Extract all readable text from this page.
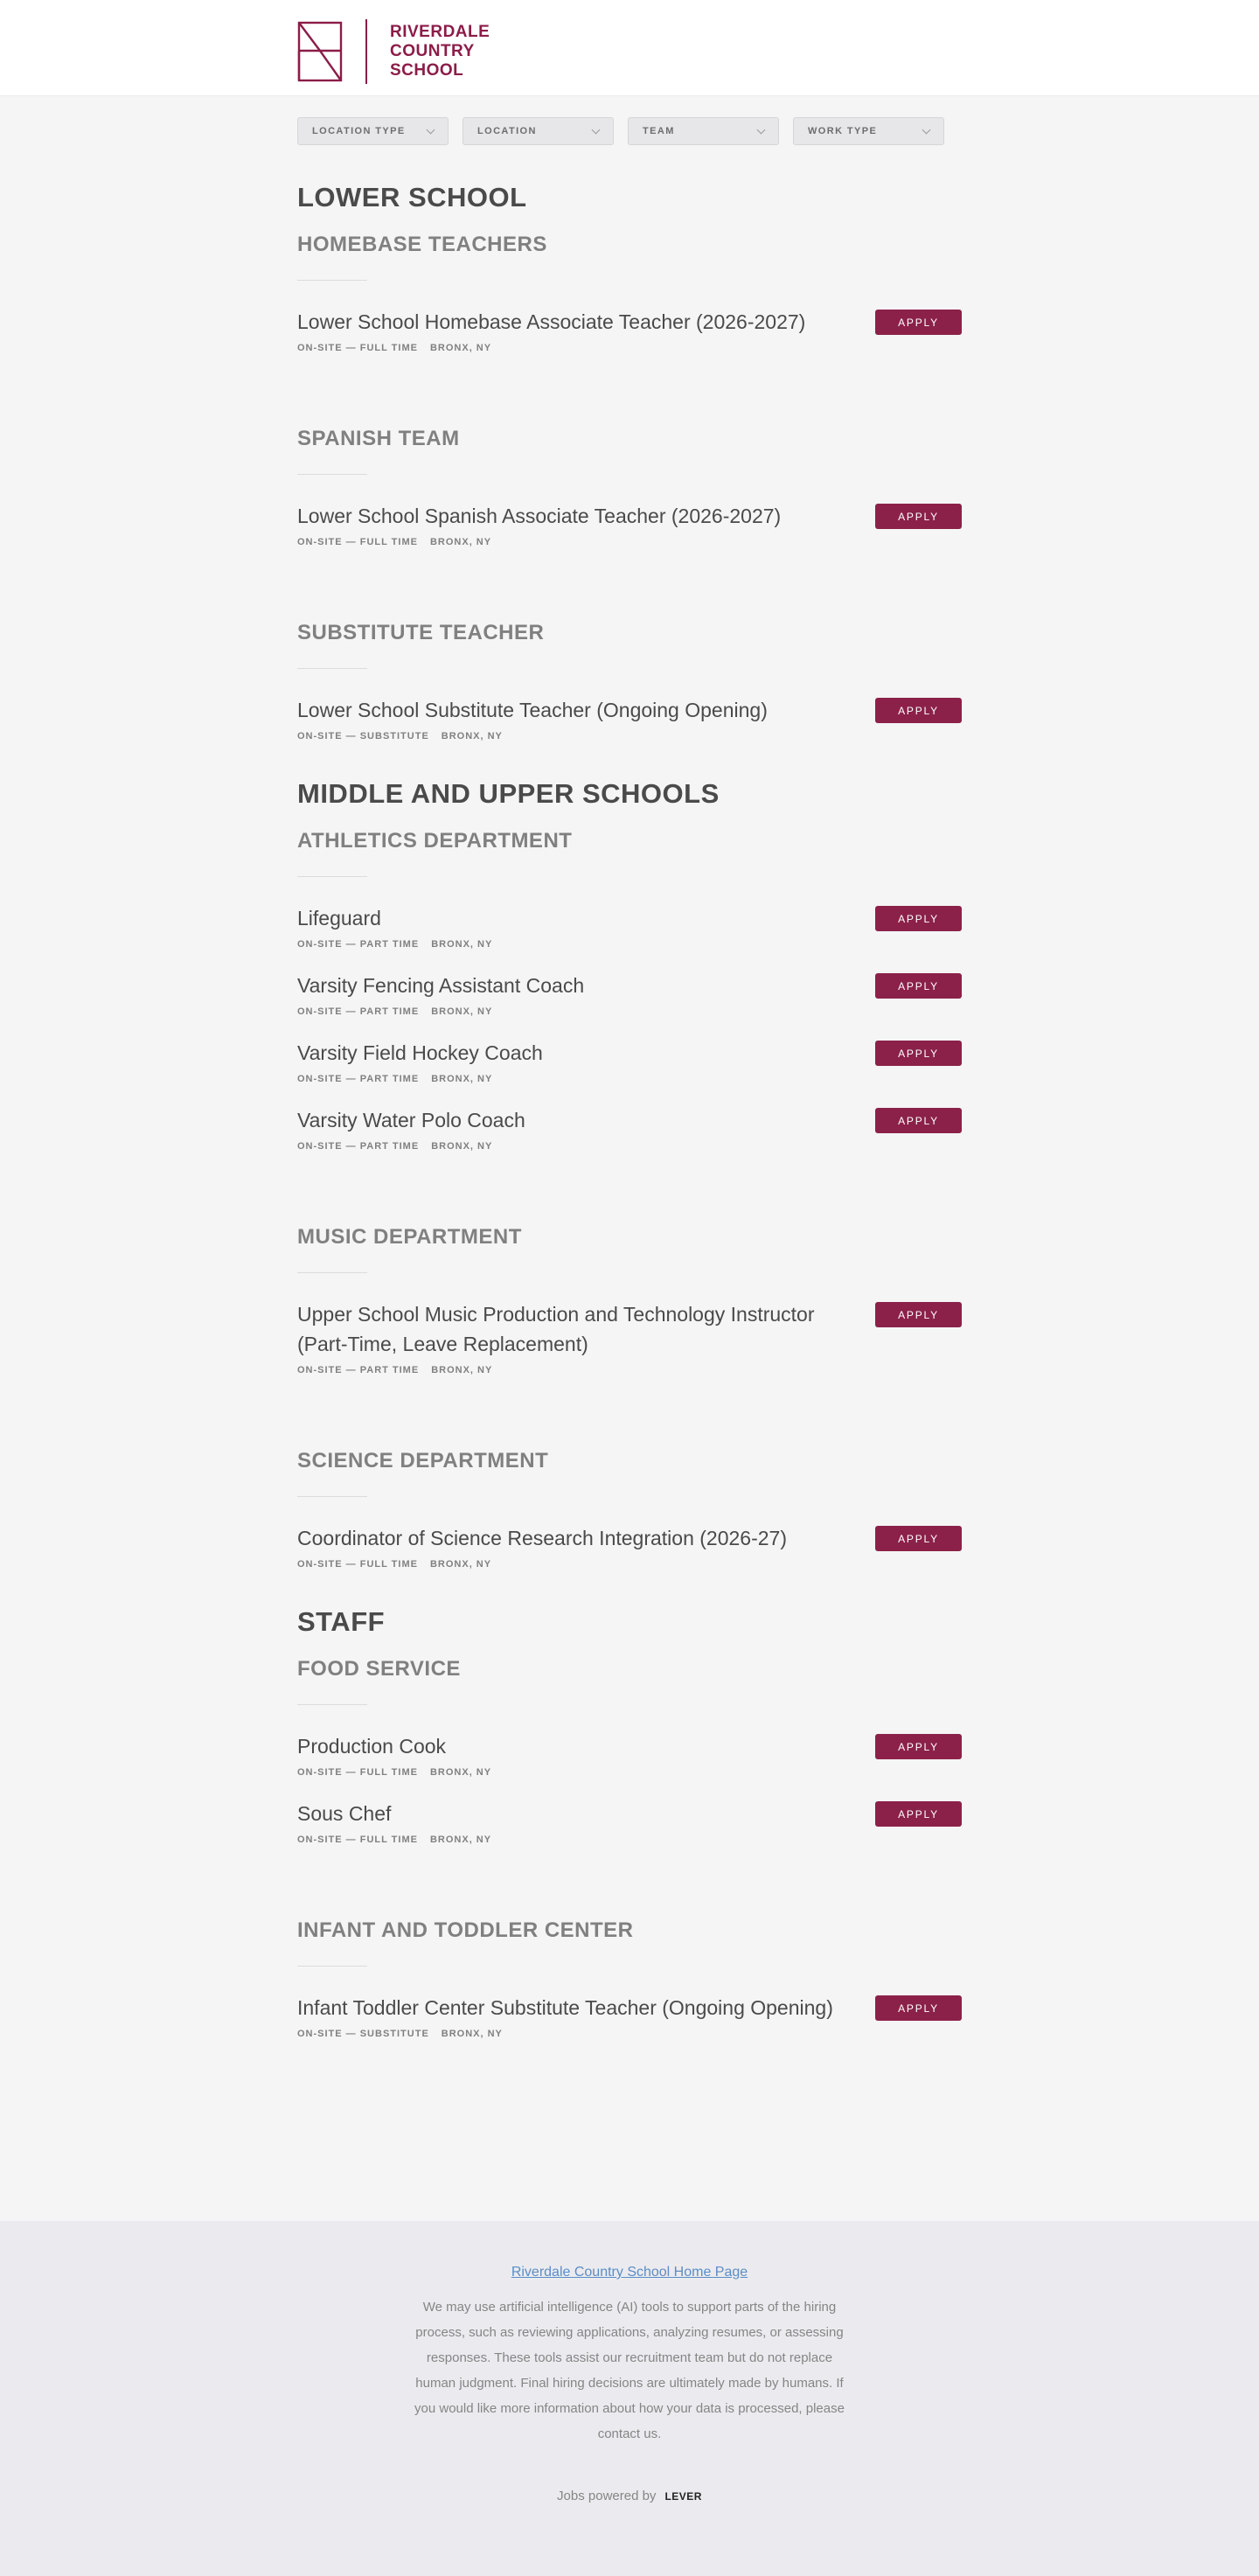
RIVERDALE
COUNTRY
SCHOOL
LOCATION TYPE	LOCATION	TEAM	WORK TYPE
LOWER SCHOOL
HOMEBASE TEACHERS
Lower School Homebase Associate Teacher (2026-2027)
ON-SITE — FULL TIME BRONX, NY
APPLY
SPANISH TEAM
Lower School Spanish Associate Teacher (2026-2027)
ON-SITE — FULL TIME BRONX, NY
APPLY
SUBSTITUTE TEACHER
Lower School Substitute Teacher (Ongoing Opening)
ON-SITE — SUBSTITUTE BRONX, NY
APPLY
MIDDLE AND UPPER SCHOOLS
ATHLETICS DEPARTMENT
Lifeguard
ON-SITE — PART TIME BRONX, NY
APPLY
Varsity Fencing Assistant Coach
ON-SITE — PART TIME BRONX, NY
APPLY
Varsity Field Hockey Coach
ON-SITE — PART TIME BRONX, NY
APPLY
Varsity Water Polo Coach
ON-SITE — PART TIME BRONX, NY
APPLY
MUSIC DEPARTMENT
Upper School Music Production and Technology Instructor (Part-Time, Leave Replacement)
ON-SITE — PART TIME BRONX, NY
APPLY
SCIENCE DEPARTMENT
Coordinator of Science Research Integration (2026-27)
ON-SITE — FULL TIME BRONX, NY
APPLY
STAFF
FOOD SERVICE
Production Cook
ON-SITE — FULL TIME BRONX, NY
APPLY
Sous Chef
ON-SITE — FULL TIME BRONX, NY
APPLY
INFANT AND TODDLER CENTER
Infant Toddler Center Substitute Teacher (Ongoing Opening)
ON-SITE — SUBSTITUTE BRONX, NY
APPLY
Riverdale Country School Home Page

We may use artificial intelligence (AI) tools to support parts of the hiring process, such as reviewing applications, analyzing resumes, or assessing responses. These tools assist our recruitment team but do not replace human judgment. Final hiring decisions are ultimately made by humans. If you would like more information about how your data is processed, please contact us.

Jobs powered by LEVER
